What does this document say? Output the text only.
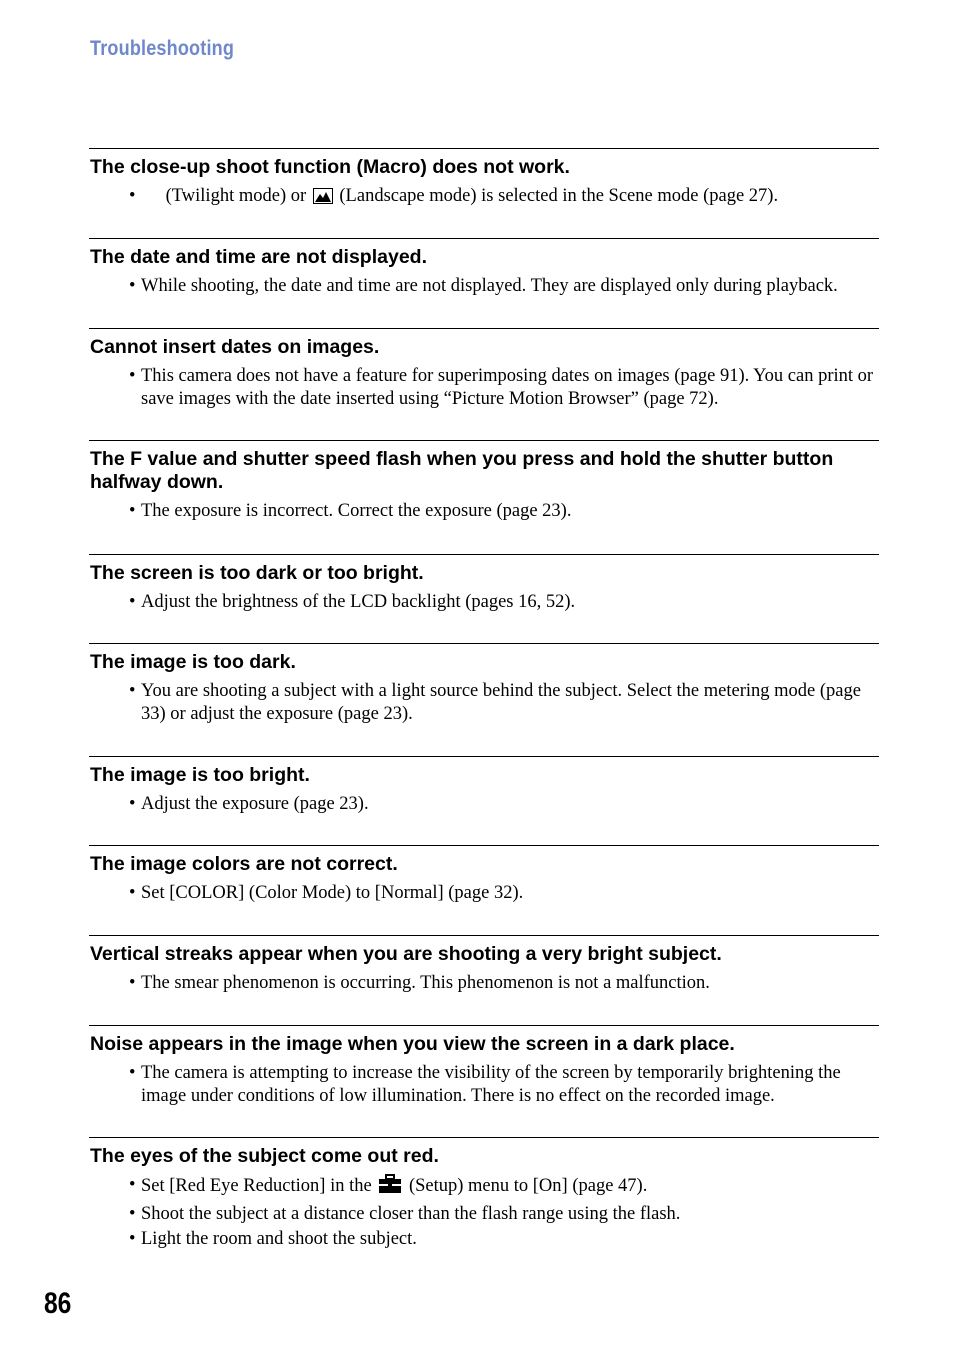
Troubleshooting
The close-up shoot function (Macro) does not work.
• (Twilight mode) or  (Landscape mode) is selected in the Scene mode (page 27).
The date and time are not displayed.
• While shooting, the date and time are not displayed. They are displayed only during playback.
Cannot insert dates on images.
• This camera does not have a feature for superimposing dates on images (page 91). You can print or save images with the date inserted using “Picture Motion Browser” (page 72).
The F value and shutter speed flash when you press and hold the shutter button halfway down.
• The exposure is incorrect. Correct the exposure (page 23).
The screen is too dark or too bright.
• Adjust the brightness of the LCD backlight (pages 16, 52).
The image is too dark.
• You are shooting a subject with a light source behind the subject. Select the metering mode (page 33) or adjust the exposure (page 23).
The image is too bright.
• Adjust the exposure (page 23).
The image colors are not correct.
• Set [COLOR] (Color Mode) to [Normal] (page 32).
Vertical streaks appear when you are shooting a very bright subject.
• The smear phenomenon is occurring. This phenomenon is not a malfunction.
Noise appears in the image when you view the screen in a dark place.
• The camera is attempting to increase the visibility of the screen by temporarily brightening the image under conditions of low illumination. There is no effect on the recorded image.
The eyes of the subject come out red.
• Set [Red Eye Reduction] in the  (Setup) menu to [On] (page 47).
• Shoot the subject at a distance closer than the flash range using the flash.
• Light the room and shoot the subject.
86
